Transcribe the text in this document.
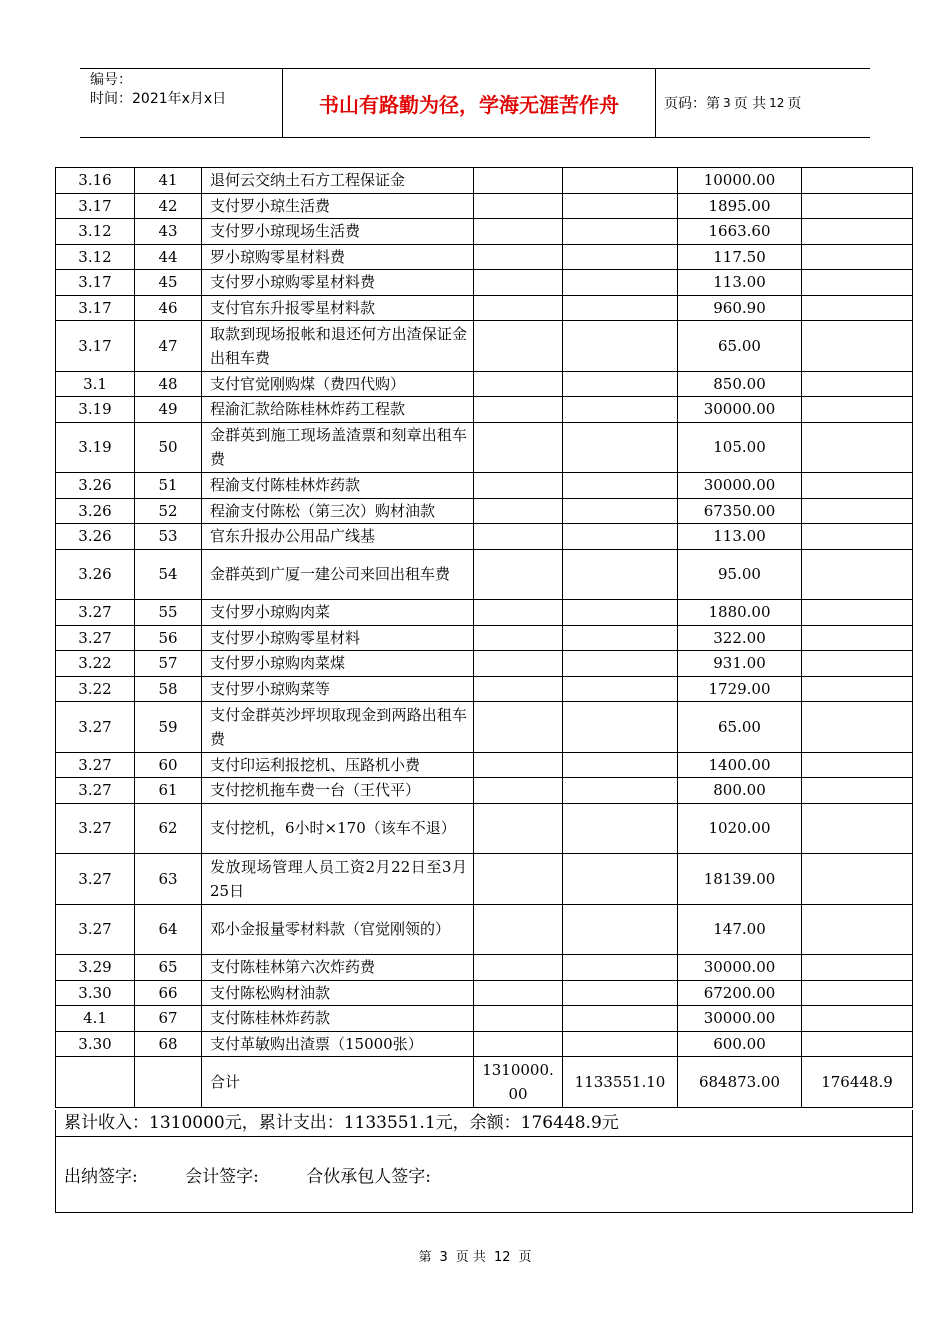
编号：
时间：2021年x月x日	书山有路勤为径，学海无涯苦作舟	页码：第 3 页 共 12 页
3.16	41	退何云交纳土石方工程保证金			10000.00	
3.17	42	支付罗小琼生活费			1895.00	
3.12	43	支付罗小琼现场生活费			1663.60	
3.12	44	罗小琼购零星材料费			117.50	
3.17	45	支付罗小琼购零星材料费			113.00	
3.17	46	支付官东升报零星材料款			960.90	
3.17	47	取款到现场报帐和退还何方出渣保证金出租车费			65.00	
3.1	48	支付官觉刚购煤（费四代购）			850.00	
3.19	49	程渝汇款给陈桂林炸药工程款			30000.00	
3.19	50	金群英到施工现场盖渣票和刻章出租车费			105.00	
3.26	51	程渝支付陈桂林炸药款			30000.00	
3.26	52	程渝支付陈松（第三次）购材油款			67350.00	
3.26	53	官东升报办公用品广线基			113.00	
3.26	54	金群英到广厦一建公司来回出租车费			95.00	
3.27	55	支付罗小琼购肉菜			1880.00	
3.27	56	支付罗小琼购零星材料			322.00	
3.22	57	支付罗小琼购肉菜煤			931.00	
3.22	58	支付罗小琼购菜等			1729.00	
3.27	59	支付金群英沙坪坝取现金到两路出租车费			65.00	
3.27	60	支付印运利报挖机、压路机小费			1400.00	
3.27	61	支付挖机拖车费一台（王代平）			800.00	
3.27	62	支付挖机，6小时×170（该车不退）			1020.00	
3.27	63	发放现场管理人员工资2月22日至3月25日			18139.00	
3.27	64	邓小金报量零材料款（官觉刚领的）			147.00	
3.29	65	支付陈桂林第六次炸药费			30000.00	
3.30	66	支付陈松购材油款			67200.00	
4.1	67	支付陈桂林炸药款			30000.00	
3.30	68	支付革敏购出渣票（15000张）			600.00	
		合计	1310000.00	1133551.10	684873.00	176448.9
累计收入：1310000元，累计支出：1133551.1元，余额：176448.9元
出纳签字:	会计签字:	合伙承包人签字:
第 3 页 共 12 页
